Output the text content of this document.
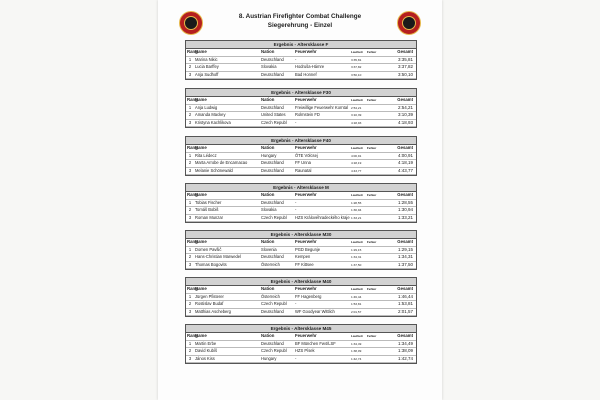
8. Austrian Firefighter Combat Challenge
Siegerehrung - Einzel
Ergebnis - Altersklasse F
Rang	Name	Nation	Feuerwehr	Laufzeit	Fehler	Gesamt
1	Marina Nikic	Deutschland	-	3:35,81		3:35,81
2	Lucia Barffey	Slovakia	Hodruša-Hámre	3:37,82		3:37,82
3	Anja Sudhoff	Deutschland	Bad Honnef	3:50,10		3:50,10
Ergebnis - Altersklasse F30
Rang	Name	Nation	Feuerwehr	Laufzeit	Fehler	Gesamt
1	Anja Ludwig	Deutschland	Freiwillige Feuerwehr Korntal	2:54,21		2:54,21
2	Amanda Mackey	United States	Rolmstein FD	3:10,39		3:10,39
3	Kristyna Kachlikova	Czech Republ	-	4:18,93		4:18,93
Ergebnis - Altersklasse F40
Rang	Name	Nation	Feuerwehr	Laufzeit	Fehler	Gesamt
1	Rita Lédecz	Hungary	ÖTE Völcsej	4:00,91		4:00,91
2	Marta Arrobe de Encarnacao	Deutschland	FF Unna	4:18,19		4:18,19
3	Melanie Schönewald	Deutschland	Raunatal	4:43,77		4:43,77
Ergebnis - Altersklasse M
Rang	Name	Nation	Feuerwehr	Laufzeit	Fehler	Gesamt
1	Tobias Fischer	Deutschland	-	1:28,55		1:28,55
2	Tomáš Bobiš	Slovakia	-	1:30,94		1:30,94
3	Roman Munzar	Czech Republ	HZS Královéhradeckého kraje	1:33,21		1:33,21
Ergebnis - Altersklasse M30
Rang	Name	Nation	Feuerwehr	Laufzeit	Fehler	Gesamt
1	Domen Pavšič	Slovenia	PGD Begunje	1:29,15		1:29,15
2	Hans-Christian Marwedel	Deutschland	Kempen	1:34,31		1:34,31
3	Thomas Bogovits	Österreich	FF Kittsee	1:37,50		1:37,50
Ergebnis - Altersklasse M40
Rang	Name	Nation	Feuerwehr	Laufzeit	Fehler	Gesamt
1	Jürgen Pfisterer	Österreich	FF Hagenberg	1:46,44		1:46,44
2	Rostislav Budaf	Czech Republ	-	1:53,81		1:53,81
3	Matthias Ascheberg	Deutschland	WF Goodyear Wittlich	2:01,57		2:01,57
Ergebnis - Altersklasse M45
Rang	Name	Nation	Feuerwehr	Laufzeit	Fehler	Gesamt
1	Martin Erbe	Deutschland	BF München Fw4/LSF	1:34,49		1:34,49
2	David Kubíš	Czech Republ	HZS Písek	1:38,09		1:38,09
3	János Kiss	Hungary	-	1:42,74		1:42,74
